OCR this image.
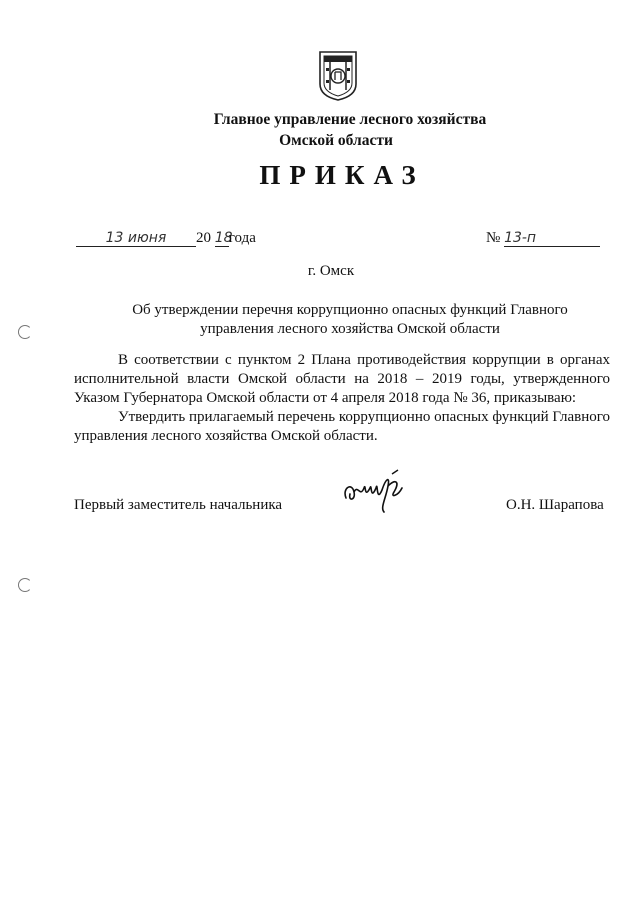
Главное управление лесного хозяйства
Омской области
ПРИКАЗ
13 июня 20 18года	№ 13-п
г. Омск
Об утверждении перечня коррупционно опасных функций Главного
управления лесного хозяйства Омской области

В соответствии с пунктом 2 Плана противодействия коррупции в органах исполнительной власти Омской области на 2018 – 2019 годы, утвержденного Указом Губернатора Омской области от 4 апреля 2018 года № 36, приказываю:

Утвердить прилагаемый перечень коррупционно опасных функций Главного управления лесного хозяйства Омской области.

Первый заместитель начальника	О.Н. Шарапова
